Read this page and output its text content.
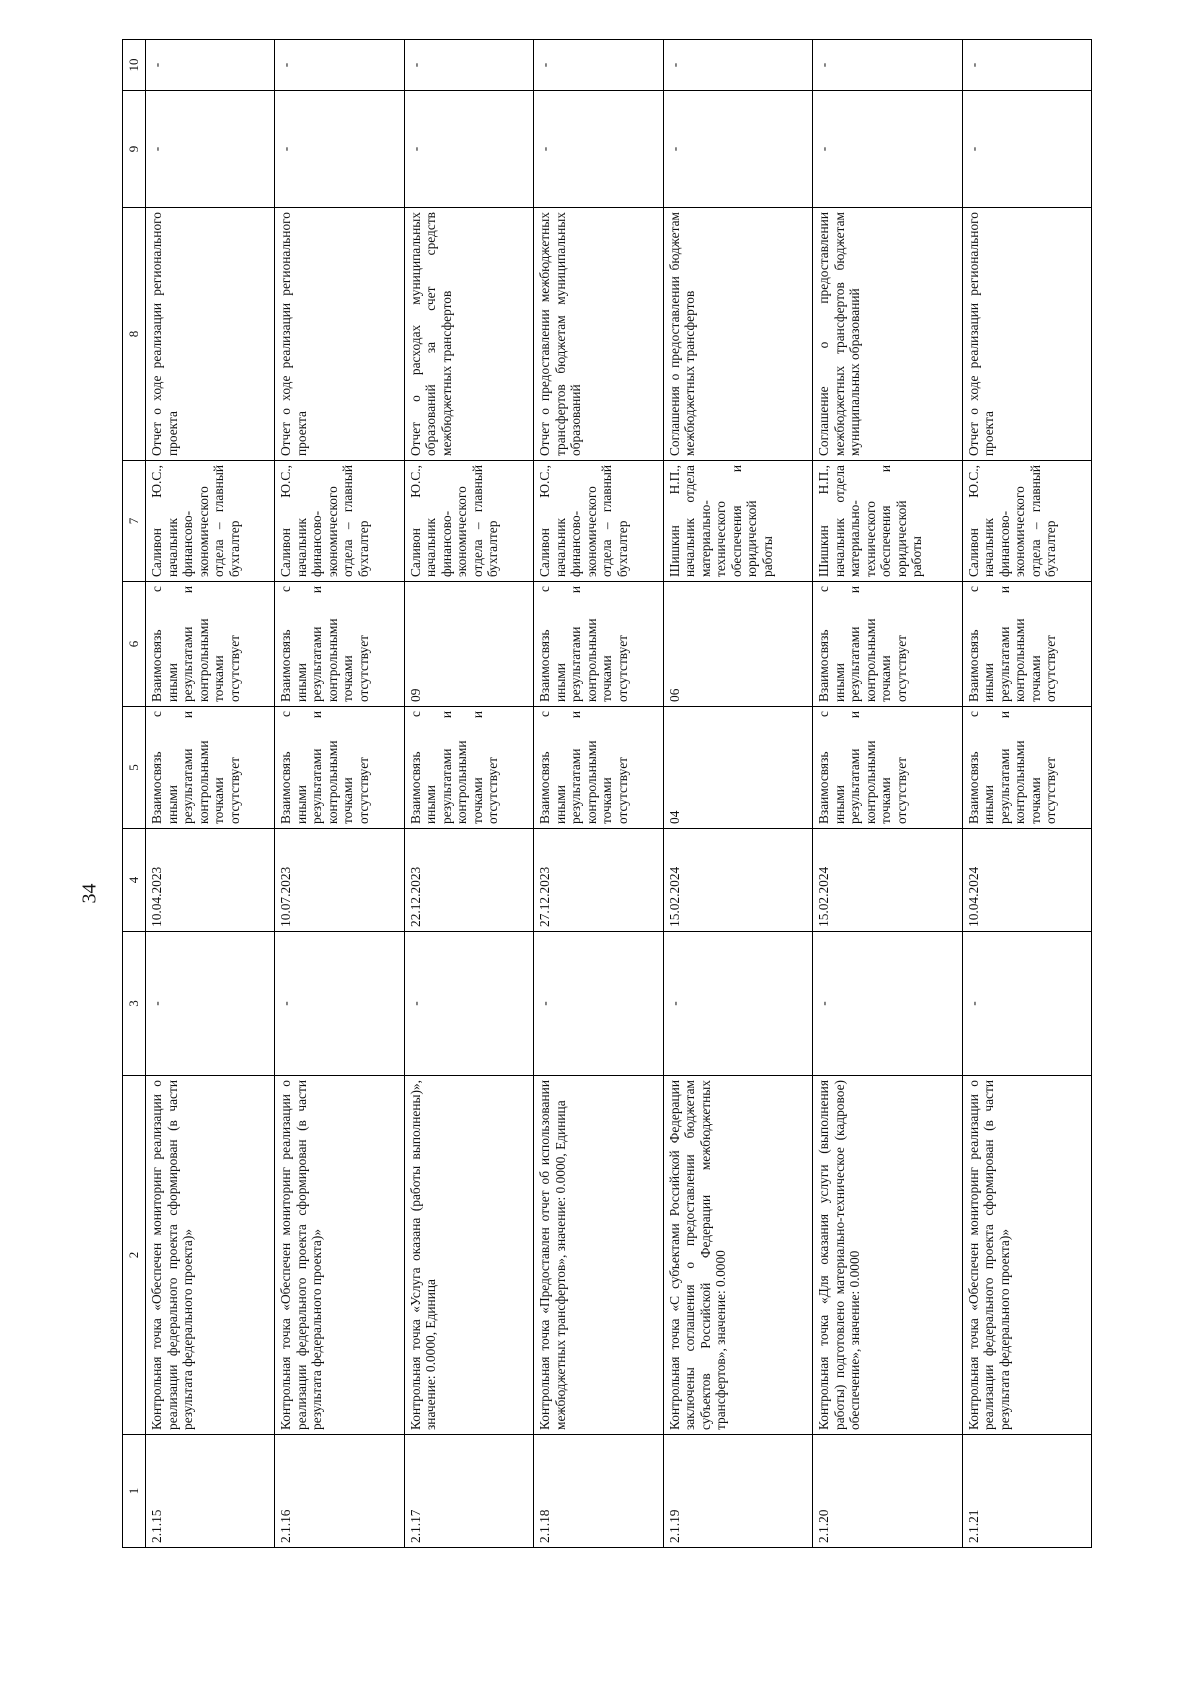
34
1	2	3	4	5	6	7	8	9	10
2.1.15	Контрольная точка «Обеспечен мониторинг реализации о реализации федерального проекта сформирован (в части результата федерального проекта)»	-	10.04.2023	Взаимосвязь с иными результатами и контрольными точками отсутствует	Взаимосвязь с иными результатами и контрольными точками отсутствует	Саливон Ю.С., начальник финансово-экономического отдела – главный бухгалтер	Отчет о ходе реализации регионального проекта	-	-
2.1.16	Контрольная точка «Обеспечен мониторинг реализации о реализации федерального проекта сформирован (в части результата федерального проекта)»	-	10.07.2023	Взаимосвязь с иными результатами и контрольными точками отсутствует	Взаимосвязь с иными результатами и контрольными точками отсутствует	Саливон Ю.С., начальник финансово-экономического отдела – главный бухгалтер	Отчет о ходе реализации регионального проекта	-	-
2.1.17	Контрольная точка «Услуга оказана (работы выполнены)», значение: 0.0000, Единица	-	22.12.2023	Взаимосвязь с иными результатами и контрольными точками и отсутствует	09	Саливон Ю.С., начальник финансово-экономического отдела – главный бухгалтер	Отчет о расходах муниципальных образований за счет средств межбюджетных трансфертов	-	-
2.1.18	Контрольная точка «Предоставлен отчет об использовании межбюджетных трансфертов», значение: 0.0000, Единица	-	27.12.2023	Взаимосвязь с иными результатами и контрольными точками отсутствует	Взаимосвязь с иными результатами и контрольными точками отсутствует	Саливон Ю.С., начальник финансово-экономического отдела – главный бухгалтер	Отчет о предоставлении межбюджетных трансфертов бюджетам муниципальных образований	-	-
2.1.19	Контрольная точка «С субъектами Российской Федерации заключены соглашения о предоставлении бюджетам субъектов Российской Федерации межбюджетных трансфертов», значение: 0.0000	-	15.02.2024	04	06	Шишкин Н.П., начальник отдела материально-технического обеспечения и юридической работы	Соглашения о предоставлении бюджетам межбюджетных трансфертов	-	-
2.1.20	Контрольная точка «Для оказания услуги (выполнения работы) подготовлено материально-техническое (кадровое) обеспечение», значение: 0.0000	-	15.02.2024	Взаимосвязь с иными результатами и контрольными точками отсутствует	Взаимосвязь с иными результатами и контрольными точками отсутствует	Шишкин Н.П., начальник отдела материально-технического обеспечения и юридической работы	Соглашение о предоставлении межбюджетных трансфертов бюджетам муниципальных образований	-	-
2.1.21	Контрольная точка «Обеспечен мониторинг реализации о реализации федерального проекта сформирован (в части результата федерального проекта)»	-	10.04.2024	Взаимосвязь с иными результатами и контрольными точками отсутствует	Взаимосвязь с иными результатами и контрольными точками отсутствует	Саливон Ю.С., начальник финансово-экономического отдела – главный бухгалтер	Отчет о ходе реализации регионального проекта	-	-
